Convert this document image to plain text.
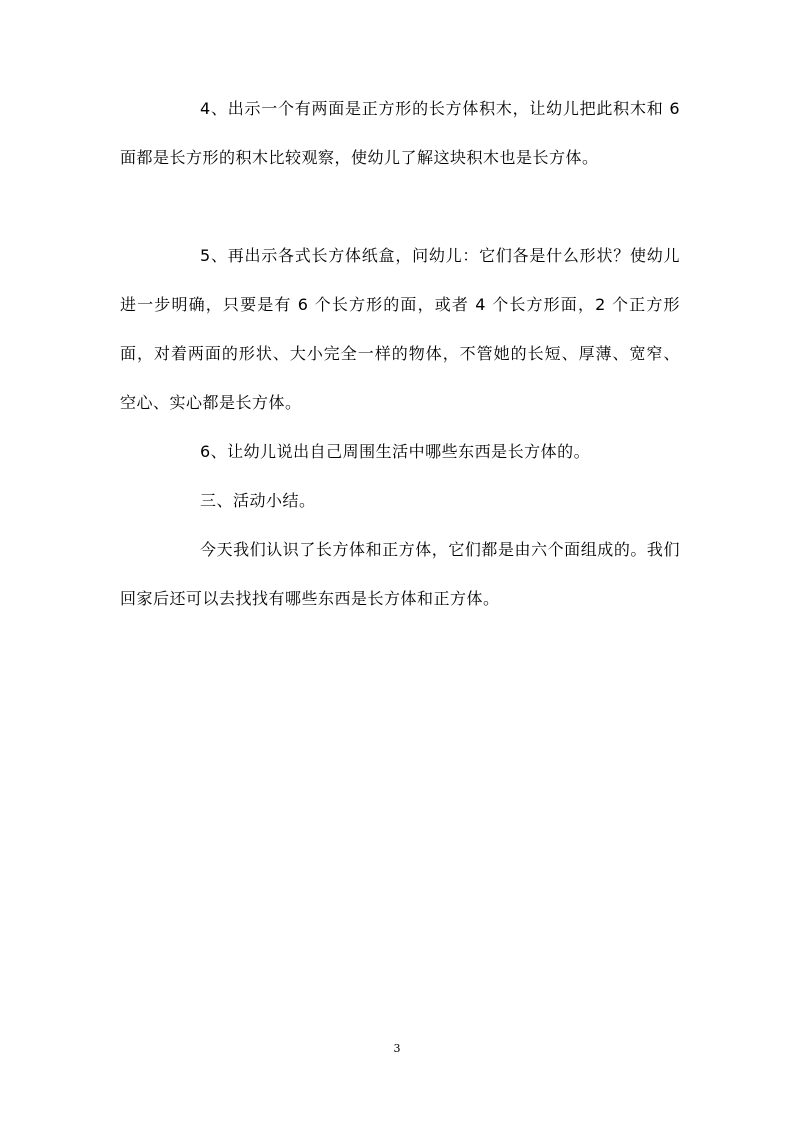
4、出示一个有两面是正方形的长方体积木，让幼儿把此积木和 6 面都是长方形的积木比较观察，使幼儿了解这块积木也是长方体。

5、再出示各式长方体纸盒，问幼儿：它们各是什么形状？使幼儿进一步明确，只要是有 6 个长方形的面，或者 4 个长方形面，2 个正方形面，对着两面的形状、大小完全一样的物体，不管她的长短、厚薄、宽窄、空心、实心都是长方体。

6、让幼儿说出自己周围生活中哪些东西是长方体的。

三、活动小结。

今天我们认识了长方体和正方体，它们都是由六个面组成的。我们回家后还可以去找找有哪些东西是长方体和正方体。

3
